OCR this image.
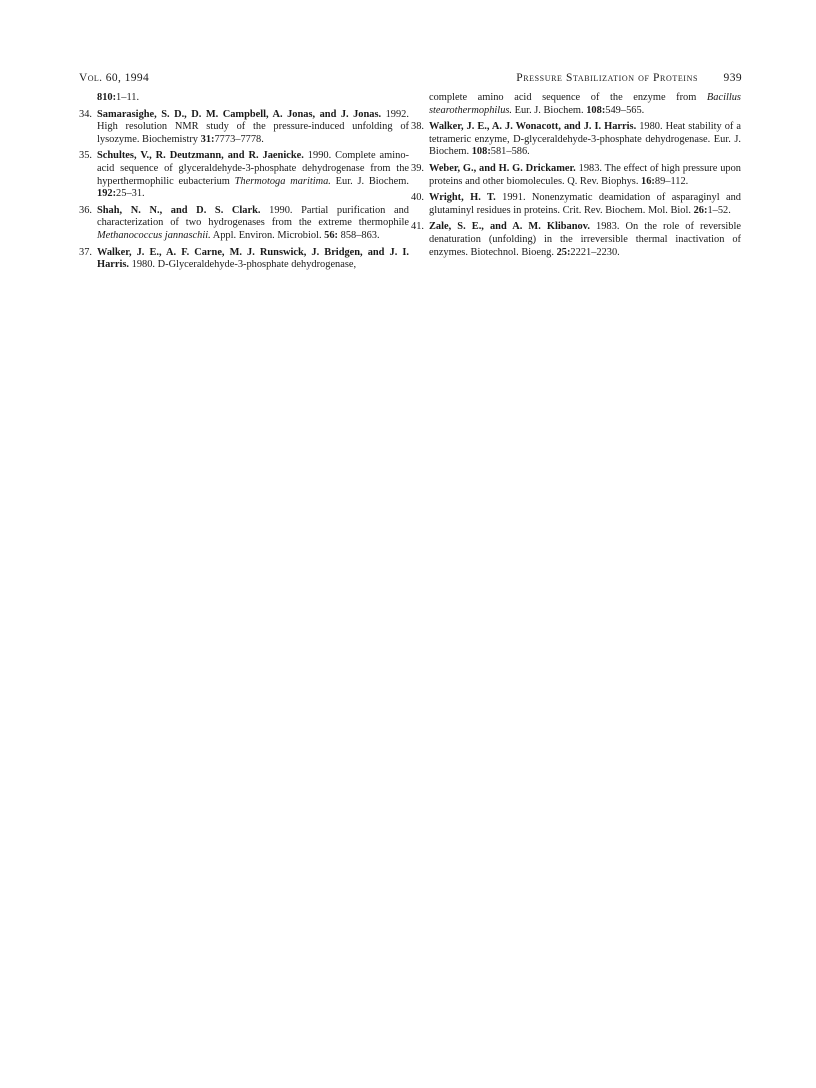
Vol. 60, 1994	Pressure Stabilization of Proteins 939
810:1–11.
34. Samarasighe, S. D., D. M. Campbell, A. Jonas, and J. Jonas. 1992. High resolution NMR study of the pressure-induced unfolding of lysozyme. Biochemistry 31:7773–7778.
35. Schultes, V., R. Deutzmann, and R. Jaenicke. 1990. Complete amino-acid sequence of glyceraldehyde-3-phosphate dehydrogenase from the hyperthermophilic eubacterium Thermotoga maritima. Eur. J. Biochem. 192:25–31.
36. Shah, N. N., and D. S. Clark. 1990. Partial purification and characterization of two hydrogenases from the extreme thermophile Methanococcus jannaschii. Appl. Environ. Microbiol. 56: 858–863.
37. Walker, J. E., A. F. Carne, M. J. Runswick, J. Bridgen, and J. I. Harris. 1980. D-Glyceraldehyde-3-phosphate dehydrogenase,
complete amino acid sequence of the enzyme from Bacillus stearothermophilus. Eur. J. Biochem. 108:549–565.
38. Walker, J. E., A. J. Wonacott, and J. I. Harris. 1980. Heat stability of a tetrameric enzyme, D-glyceraldehyde-3-phosphate dehydrogenase. Eur. J. Biochem. 108:581–586.
39. Weber, G., and H. G. Drickamer. 1983. The effect of high pressure upon proteins and other biomolecules. Q. Rev. Biophys. 16:89–112.
40. Wright, H. T. 1991. Nonenzymatic deamidation of asparaginyl and glutaminyl residues in proteins. Crit. Rev. Biochem. Mol. Biol. 26:1–52.
41. Zale, S. E., and A. M. Klibanov. 1983. On the role of reversible denaturation (unfolding) in the irreversible thermal inactivation of enzymes. Biotechnol. Bioeng. 25:2221–2230.
